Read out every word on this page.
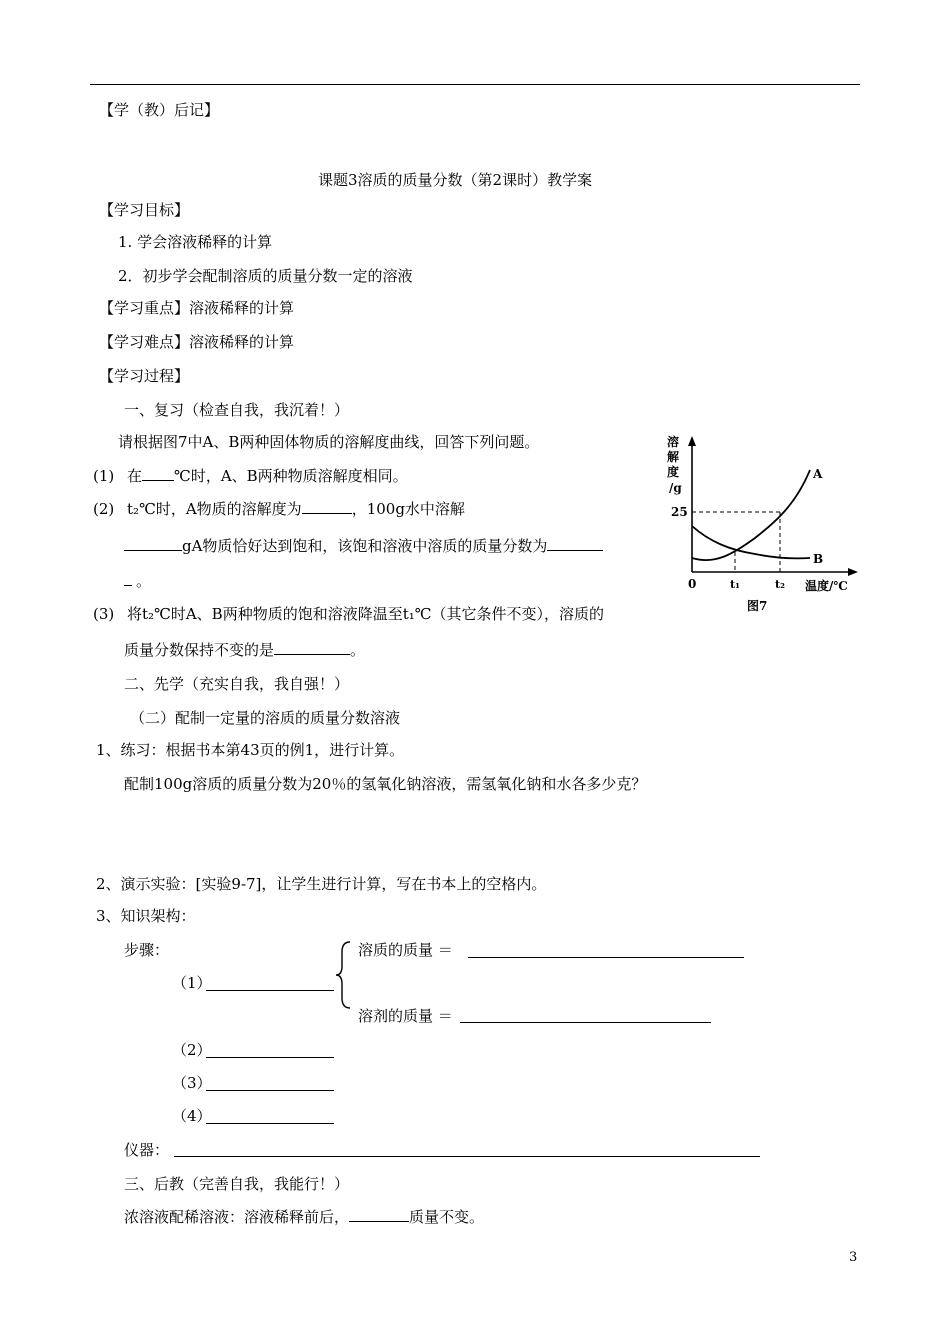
【学（教）后记】
课题3溶质的质量分数（第2课时）教学案
【学习目标】
1. 学会溶液稀释的计算
2．初步学会配制溶质的质量分数一定的溶液
【学习重点】溶液稀释的计算
【学习难点】溶液稀释的计算
【学习过程】
一、复习（检查自我，我沉着！）
请根据图7中A、B两种固体物质的溶解度曲线，回答下列问题。
(1) 在 ℃时，A、B两种物质溶解度相同。
(2) t₂℃时，A物质的溶解度为	，100g水中溶解
gA物质恰好达到饱和，该饱和溶液中溶质的质量分数为
。
(3) 将t₂℃时A、B两种物质的饱和溶液降温至t₁℃（其它条件不变），溶质的
质量分数保持不变的是	。
溶
解
度
/g
A
B
25
0	t₁	t₂ 温度/℃
图7
二、先学（充实自我，我自强！）
（二）配制一定量的溶质的质量分数溶液
1、练习：根据书本第43页的例1，进行计算。
配制100g溶质的质量分数为20％的氢氧化钠溶液，需氢氧化钠和水各多少克？
2、演示实验：[实验9-7]，让学生进行计算，写在书本上的空格内。
3、知识架构：
步骤：	溶质的质量 ＝
（1）
溶剂的质量 ＝
（2）
（3）
（4）
仪器：
三、后教（完善自我，我能行！）
浓溶液配稀溶液：溶液稀释前后，	质量不变。
3
